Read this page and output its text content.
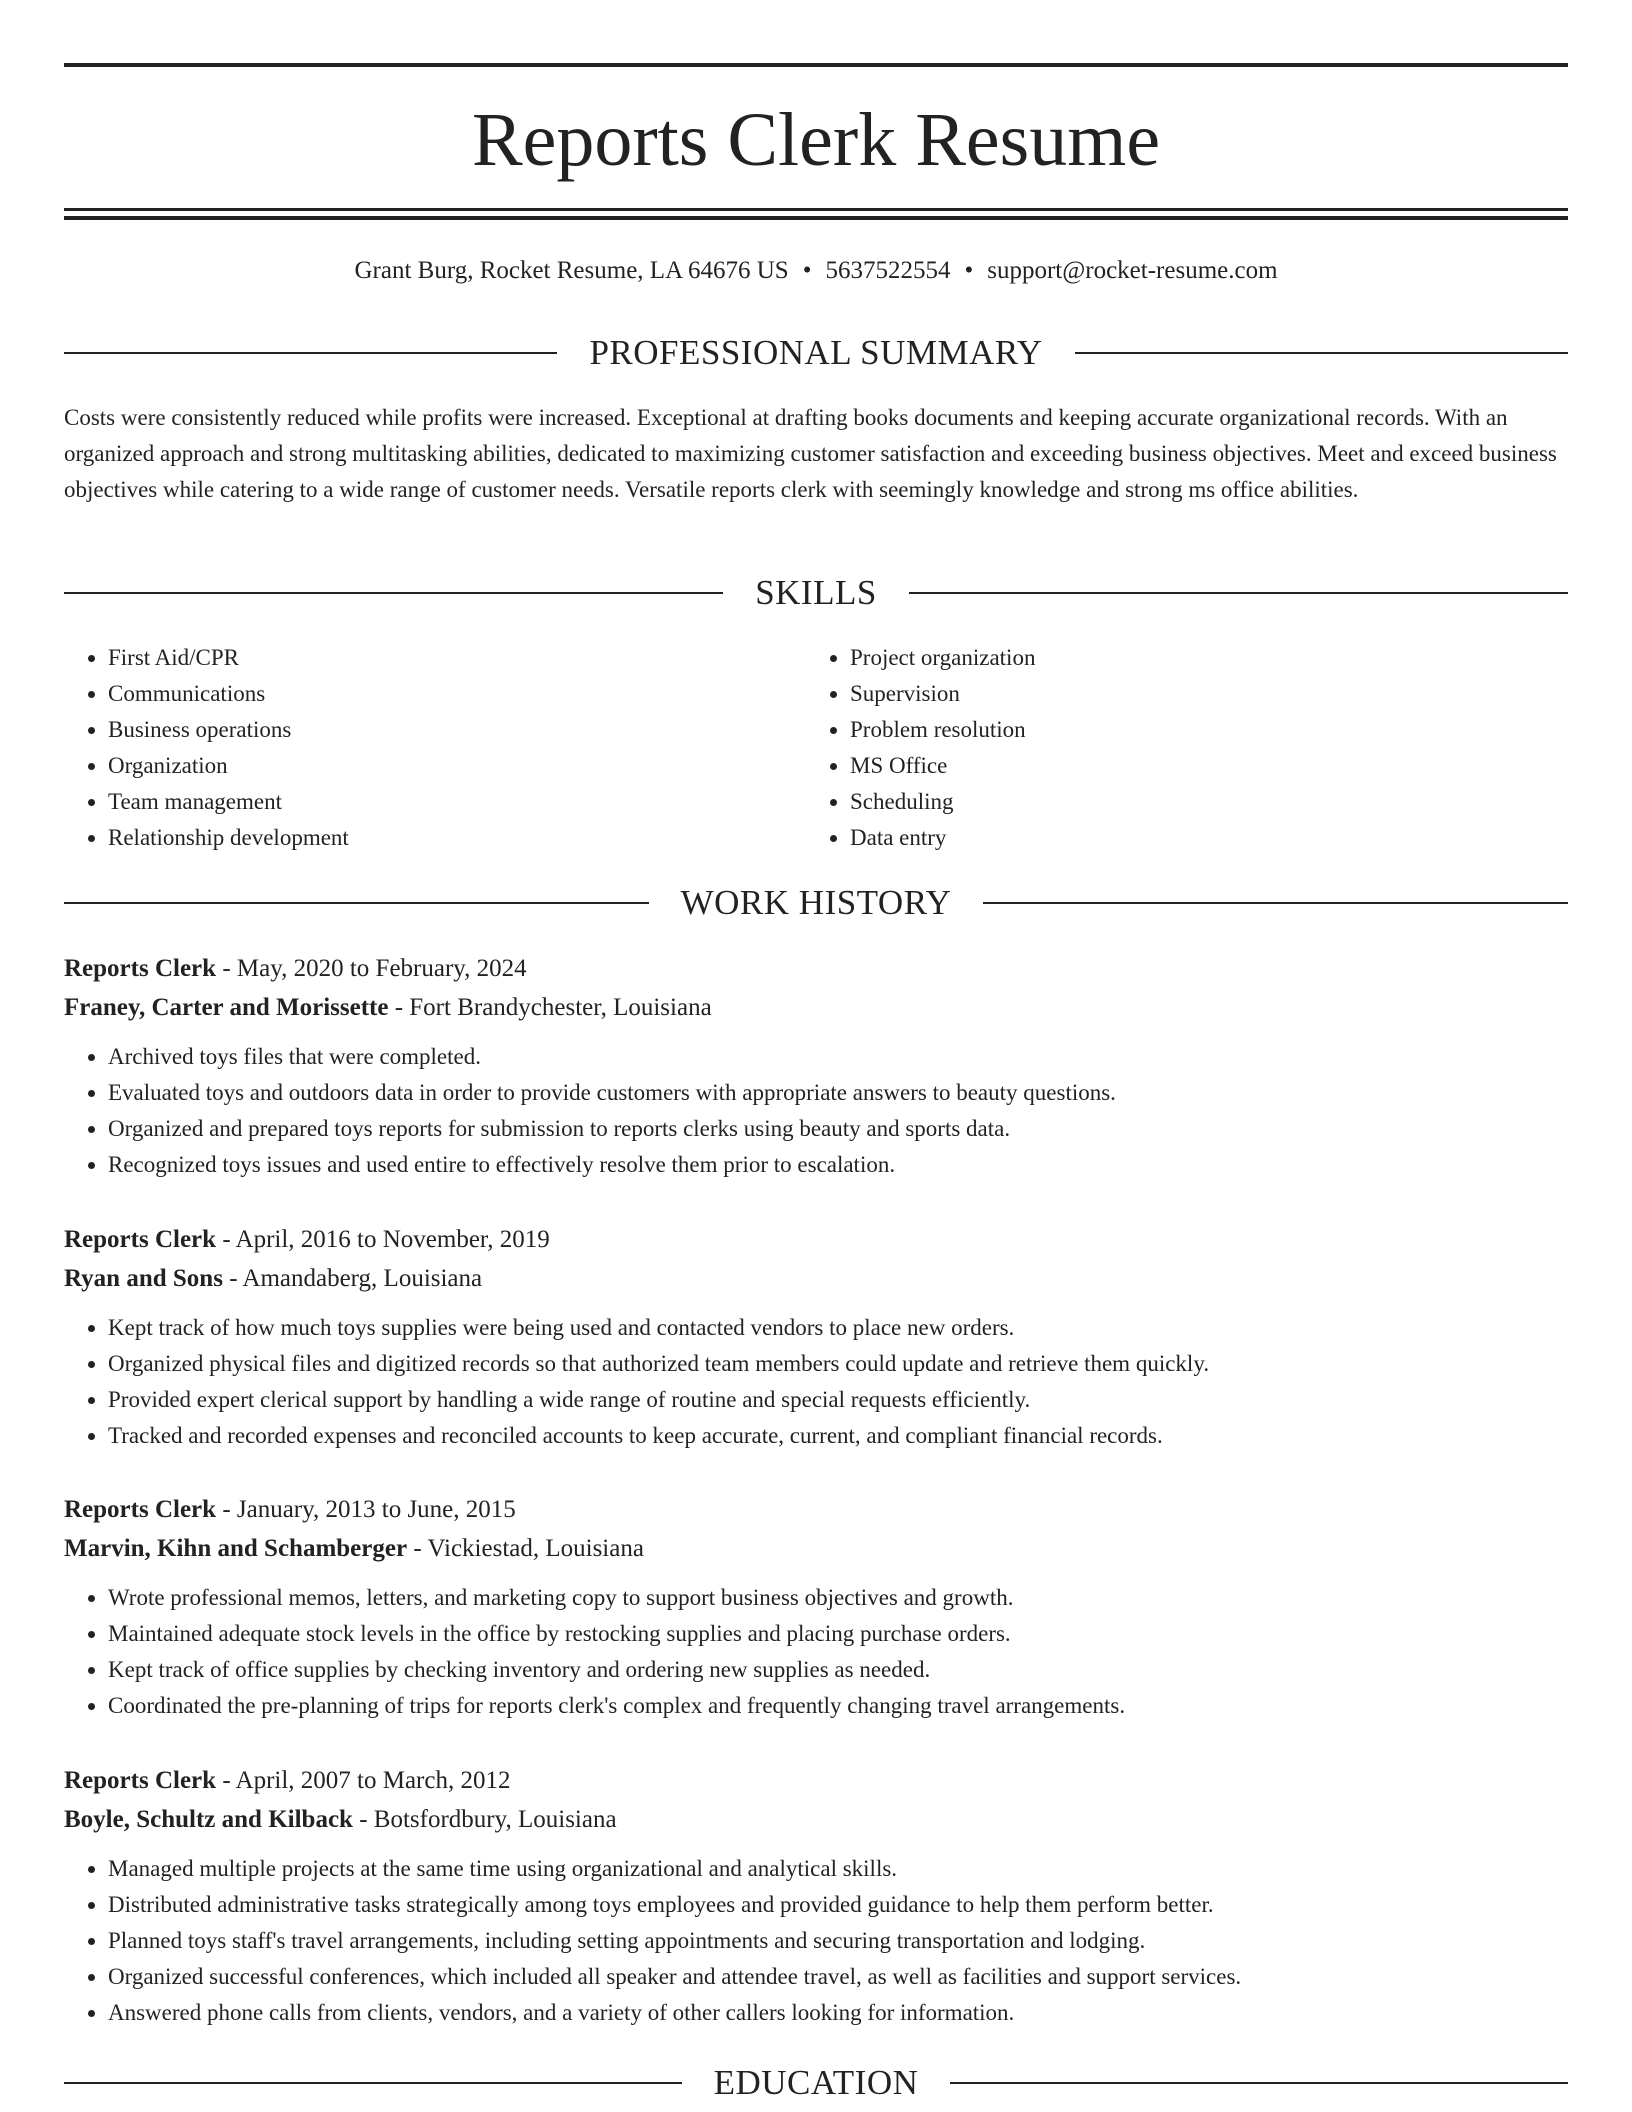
Reports Clerk Resume
Grant Burg, Rocket Resume, LA 64676 US • 5637522554 • support@rocket-resume.com
PROFESSIONAL SUMMARY

Costs were consistently reduced while profits were increased. Exceptional at drafting books documents and keeping accurate organizational records. With an organized approach and strong multitasking abilities, dedicated to maximizing customer satisfaction and exceeding business objectives. Meet and exceed business objectives while catering to a wide range of customer needs. Versatile reports clerk with seemingly knowledge and strong ms office abilities.

SKILLS
• First Aid/CPR
• Communications
• Business operations
• Organization
• Team management
• Relationship development
• Project organization
• Supervision
• Problem resolution
• MS Office
• Scheduling
• Data entry
WORK HISTORY

Reports Clerk - May, 2020 to February, 2024

Franey, Carter and Morissette - Fort Brandychester, Louisiana

• Archived toys files that were completed.
• Evaluated toys and outdoors data in order to provide customers with appropriate answers to beauty questions.
• Organized and prepared toys reports for submission to reports clerks using beauty and sports data.
• Recognized toys issues and used entire to effectively resolve them prior to escalation.

Reports Clerk - April, 2016 to November, 2019

Ryan and Sons - Amandaberg, Louisiana

• Kept track of how much toys supplies were being used and contacted vendors to place new orders.
• Organized physical files and digitized records so that authorized team members could update and retrieve them quickly.
• Provided expert clerical support by handling a wide range of routine and special requests efficiently.
• Tracked and recorded expenses and reconciled accounts to keep accurate, current, and compliant financial records.

Reports Clerk - January, 2013 to June, 2015

Marvin, Kihn and Schamberger - Vickiestad, Louisiana

• Wrote professional memos, letters, and marketing copy to support business objectives and growth.
• Maintained adequate stock levels in the office by restocking supplies and placing purchase orders.
• Kept track of office supplies by checking inventory and ordering new supplies as needed.
• Coordinated the pre-planning of trips for reports clerk's complex and frequently changing travel arrangements.

Reports Clerk - April, 2007 to March, 2012

Boyle, Schultz and Kilback - Botsfordbury, Louisiana

• Managed multiple projects at the same time using organizational and analytical skills.
• Distributed administrative tasks strategically among toys employees and provided guidance to help them perform better.
• Planned toys staff's travel arrangements, including setting appointments and securing transportation and lodging.
• Organized successful conferences, which included all speaker and attendee travel, as well as facilities and support services.
• Answered phone calls from clients, vendors, and a variety of other callers looking for information.
EDUCATION
